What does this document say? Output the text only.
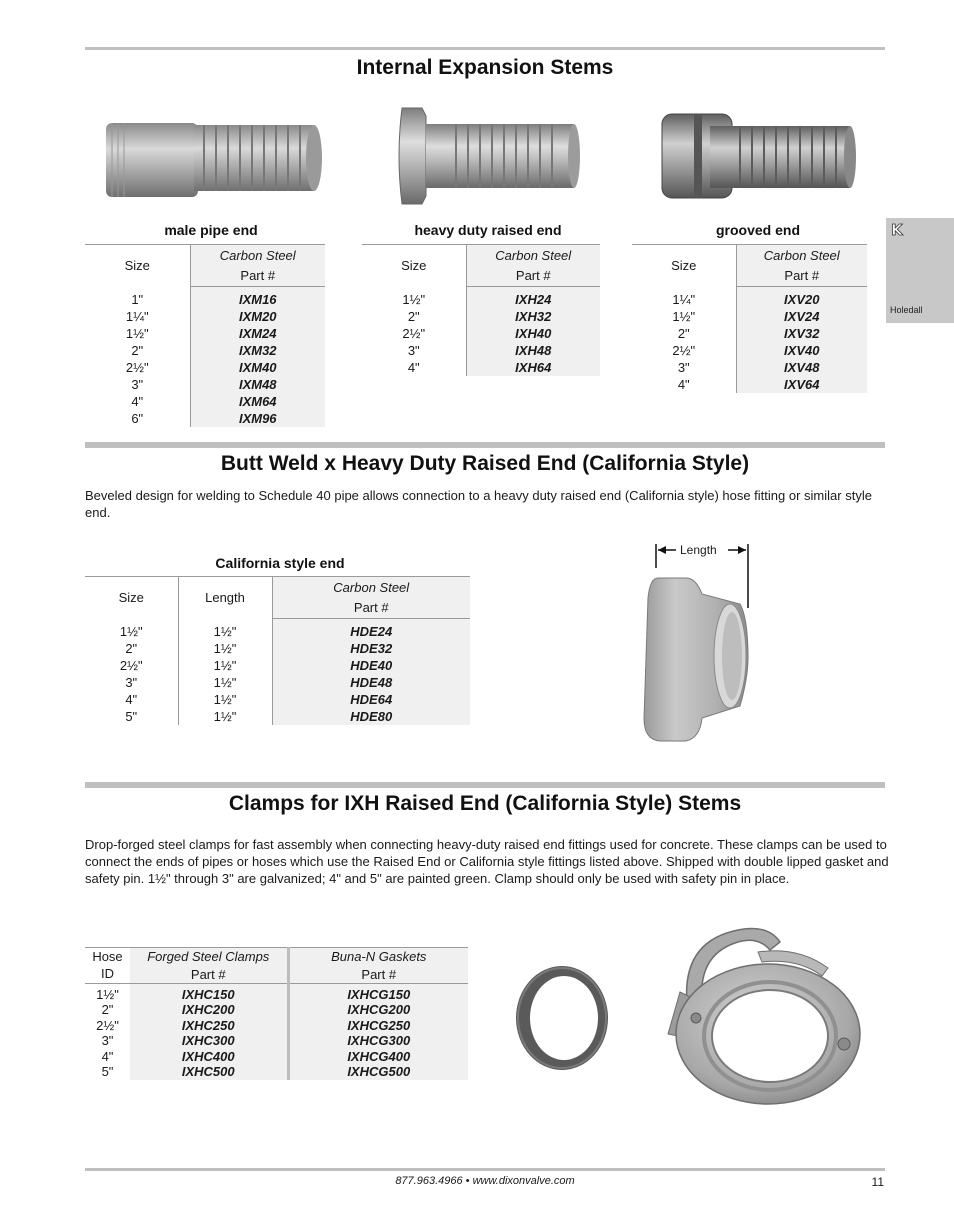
K
Holedall
Internal Expansion Stems
male pipe end
Size	Carbon Steel
	Part #

1"	IXM16
1¼"	IXM20
1½"	IXM24
2"	IXM32
2½"	IXM40
3"	IXM48
4"	IXM64
6"	IXM96
heavy duty raised end
Size	Carbon Steel
	Part #

1½"	IXH24
2"	IXH32
2½"	IXH40
3"	IXH48
4"	IXH64
grooved end
Size	Carbon Steel
	Part #

1¼"	IXV20
1½"	IXV24
2"	IXV32
2½"	IXV40
3"	IXV48
4"	IXV64
Butt Weld x Heavy Duty Raised End (California Style)
Beveled design for welding to Schedule 40 pipe allows connection to a heavy duty raised end (California style) hose fitting or similar style end.
California style end
Size	Length	Carbon Steel
		Part #

1½"	1½"	HDE24
2"	1½"	HDE32
2½"	1½"	HDE40
3"	1½"	HDE48
4"	1½"	HDE64
5"	1½"	HDE80
Length
Clamps for IXH Raised End (California Style) Stems
Drop-forged steel clamps for fast assembly when connecting heavy-duty raised end fittings used for concrete. These clamps can be used to connect the ends of pipes or hoses which use the Raised End or California style fittings listed above. Shipped with double lipped gasket and safety pin. 1½" through 3" are galvanized; 4" and 5" are painted green. Clamp should only be used with safety pin in place.
Hose	Forged Steel Clamps	Buna-N Gaskets
ID	Part #	Part #

1½"	IXHC150	IXHCG150
2"	IXHC200	IXHCG200
2½"	IXHC250	IXHCG250
3"	IXHC300	IXHCG300
4"	IXHC400	IXHCG400
5"	IXHC500	IXHCG500
877.963.4966 • www.dixonvalve.com	11
